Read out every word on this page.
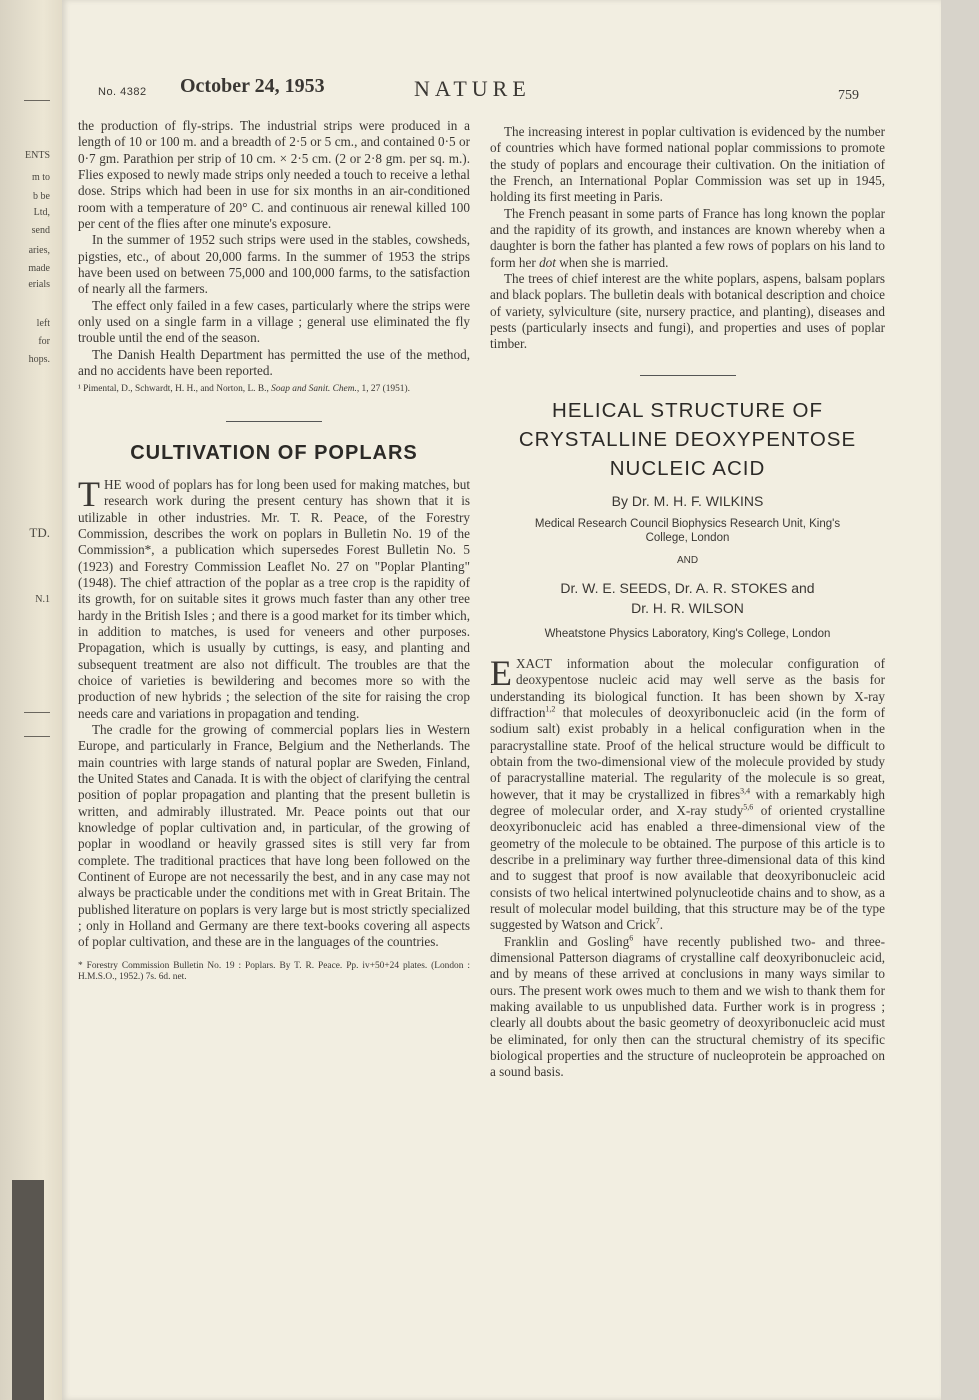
ENTS
m to
b be
Ltd,
send
aries,
made
erials
left
for
hops.
TD.
N.1
No. 4382 October 24, 1953	NATURE	759

the production of fly-strips. The industrial strips were produced in a length of 10 or 100 m. and a breadth of 2·5 or 5 cm., and contained 0·5 or 0·7 gm. Parathion per strip of 10 cm. × 2·5 cm. (2 or 2·8 gm. per sq. m.). Flies exposed to newly made strips only needed a touch to receive a lethal dose. Strips which had been in use for six months in an air-conditioned room with a temperature of 20° C. and continuous air renewal killed 100 per cent of the flies after one minute's exposure.

In the summer of 1952 such strips were used in the stables, cowsheds, pigsties, etc., of about 20,000 farms. In the summer of 1953 the strips have been used on between 75,000 and 100,000 farms, to the satisfaction of nearly all the farmers.

The effect only failed in a few cases, particularly where the strips were only used on a single farm in a village ; general use eliminated the fly trouble until the end of the season.

The Danish Health Department has permitted the use of the method, and no accidents have been reported.

¹ Pimental, D., Schwardt, H. H., and Norton, L. B., Soap and Sanit. Chem., 1, 27 (1951).

CULTIVATION OF POPLARS

THE wood of poplars has for long been used for making matches, but research work during the present century has shown that it is utilizable in other industries. Mr. T. R. Peace, of the Forestry Commission, describes the work on poplars in Bulletin No. 19 of the Commission*, a publication which supersedes Forest Bulletin No. 5 (1923) and Forestry Commission Leaflet No. 27 on "Poplar Planting" (1948). The chief attraction of the poplar as a tree crop is the rapidity of its growth, for on suitable sites it grows much faster than any other tree hardy in the British Isles ; and there is a good market for its timber which, in addition to matches, is used for veneers and other purposes. Propagation, which is usually by cuttings, is easy, and planting and subsequent treatment are also not difficult. The troubles are that the choice of varieties is bewildering and becomes more so with the production of new hybrids ; the selection of the site for raising the crop needs care and variations in propagation and tending.

The cradle for the growing of commercial poplars lies in Western Europe, and particularly in France, Belgium and the Netherlands. The main countries with large stands of natural poplar are Sweden, Finland, the United States and Canada. It is with the object of clarifying the central position of poplar propagation and planting that the present bulletin is written, and admirably illustrated. Mr. Peace points out that our knowledge of poplar cultivation and, in particular, of the growing of poplar in woodland or heavily grassed sites is still very far from complete. The traditional practices that have long been followed on the Continent of Europe are not necessarily the best, and in any case may not always be practicable under the conditions met with in Great Britain. The published literature on poplars is very large but is most strictly specialized ; only in Holland and Germany are there text-books covering all aspects of poplar cultivation, and these are in the languages of the countries.

* Forestry Commission Bulletin No. 19 : Poplars. By T. R. Peace. Pp. iv+50+24 plates. (London : H.M.S.O., 1952.) 7s. 6d. net.

The increasing interest in poplar cultivation is evidenced by the number of countries which have formed national poplar commissions to promote the study of poplars and encourage their cultivation. On the initiation of the French, an International Poplar Commission was set up in 1945, holding its first meeting in Paris.

The French peasant in some parts of France has long known the poplar and the rapidity of its growth, and instances are known whereby when a daughter is born the father has planted a few rows of poplars on his land to form her dot when she is married.

The trees of chief interest are the white poplars, aspens, balsam poplars and black poplars. The bulletin deals with botanical description and choice of variety, sylviculture (site, nursery practice, and planting), diseases and pests (particularly insects and fungi), and properties and uses of poplar timber.

HELICAL STRUCTURE OF
CRYSTALLINE DEOXYPENTOSE
NUCLEIC ACID
By Dr. M. H. F. WILKINS
Medical Research Council Biophysics Research Unit, King's
College, London
AND
Dr. W. E. SEEDS, Dr. A. R. STOKES and
Dr. H. R. WILSON
Wheatstone Physics Laboratory, King's College, London

EXACT information about the molecular configuration of deoxypentose nucleic acid may well serve as the basis for understanding its biological function. It has been shown by X-ray diffraction$^{1,2}$ that molecules of deoxyribonucleic acid (in the form of sodium salt) exist probably in a helical configuration when in the paracrystalline state. Proof of the helical structure would be difficult to obtain from the two-dimensional view of the molecule provided by study of paracrystalline material. The regularity of the molecule is so great, however, that it may be crystallized in fibres$^{3,4}$ with a remarkably high degree of molecular order, and X-ray study$^{5,6}$ of oriented crystalline deoxyribonucleic acid has enabled a three-dimensional view of the geometry of the molecule to be obtained. The purpose of this article is to describe in a preliminary way further three-dimensional data of this kind and to suggest that proof is now available that deoxyribonucleic acid consists of two helical intertwined polynucleotide chains and to show, as a result of molecular model building, that this structure may be of the type suggested by Watson and Crick$^7$.

Franklin and Gosling$^6$ have recently published two- and three-dimensional Patterson diagrams of crystalline calf deoxyribonucleic acid, and by means of these arrived at conclusions in many ways similar to ours. The present work owes much to them and we wish to thank them for making available to us unpublished data. Further work is in progress ; clearly all doubts about the basic geometry of deoxyribonucleic acid must be eliminated, for only then can the structural chemistry of its specific biological properties and the structure of nucleoprotein be approached on a sound basis.
